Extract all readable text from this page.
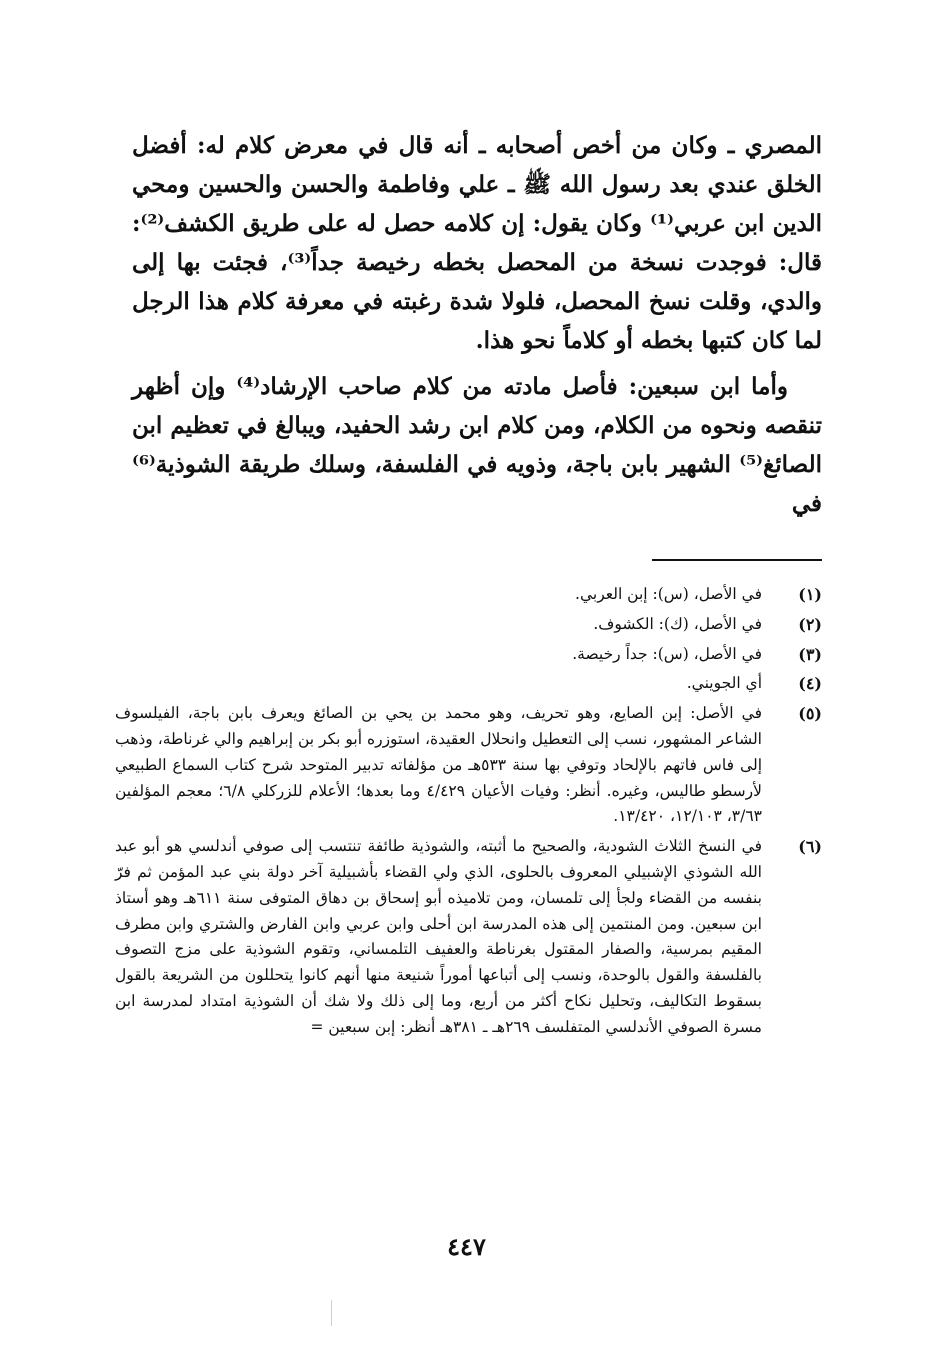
المصري ـ وكان من أخص أصحابه ـ أنه قال في معرض كلام له: أفضل الخلق عندي بعد رسول الله ﷺ ـ علي وفاطمة والحسن والحسين ومحي الدين ابن عربي⁽¹⁾ وكان يقول: إن كلامه حصل له على طريق الكشف⁽²⁾: قال: فوجدت نسخة من المحصل بخطه رخيصة جداً⁽³⁾، فجئت بها إلى والدي، وقلت نسخ المحصل، فلولا شدة رغبته في معرفة كلام هذا الرجل لما كان كتبها بخطه أو كلاماً نحو هذا.

وأما ابن سبعين: فأصل مادته من كلام صاحب الإرشاد⁽⁴⁾ وإن أظهر تنقصه ونحوه من الكلام، ومن كلام ابن رشد الحفيد، ويبالغ في تعظيم ابن الصائغ⁽⁵⁾ الشهير بابن باجة، وذويه في الفلسفة، وسلك طريقة الشوذية⁽⁶⁾ في

(١)
في الأصل، (س): إبن العربي.
(٢)
في الأصل، (ك): الكشوف.
(٣)
في الأصل، (س): جداً رخيصة.
(٤)
أي الجويني.
(٥)
في الأصل: إبن الصايع، وهو تحريف، وهو محمد بن يحي بن الصائغ ويعرف بابن باجة، الفيلسوف الشاعر المشهور، نسب إلى التعطيل وانحلال العقيدة، استوزره أبو بكر بن إبراهيم والي غرناطة، وذهب إلى فاس فاتهم بالإلحاد وتوفي بها سنة ٥٣٣هـ من مؤلفاته تدبير المتوحد شرح كتاب السماع الطبيعي لأرسطو طاليس، وغيره. أنظر: وفيات الأعيان ٤/٤٢٩ وما بعدها؛ الأعلام للزركلي ٦/٨؛ معجم المؤلفين ٣/٦٣، ١٢/١٠٣، ١٣/٤٢٠.
(٦)
في النسخ الثلاث الشودية، والصحيح ما أثبته، والشوذية طائفة تنتسب إلى صوفي أندلسي هو أبو عبد الله الشوذي الإشبيلي المعروف بالحلوى، الذي ولي القضاء بأشبيلية آخر دولة بني عبد المؤمن ثم فرّ بنفسه من القضاء ولجأ إلى تلمسان، ومن تلاميذه أبو إسحاق بن دهاق المتوفى سنة ٦١١هـ وهو أستاذ ابن سبعين. ومن المنتمين إلى هذه المدرسة ابن أحلى وابن عربي وابن الفارض والشتري وابن مطرف المقيم بمرسية، والصفار المقتول بغرناطة والعفيف التلمساني، وتقوم الشوذية على مزج التصوف بالفلسفة والقول بالوحدة، ونسب إلى أتباعها أموراً شنيعة منها أنهم كانوا يتحللون من الشريعة بالقول بسقوط التكاليف، وتحليل نكاح أكثر من أربع، وما إلى ذلك ولا شك أن الشوذية امتداد لمدرسة ابن مسرة الصوفي الأندلسي المتفلسف ٢٦٩هـ ـ ٣٨١هـ أنظر: إبن سبعين =
٤٤٧
